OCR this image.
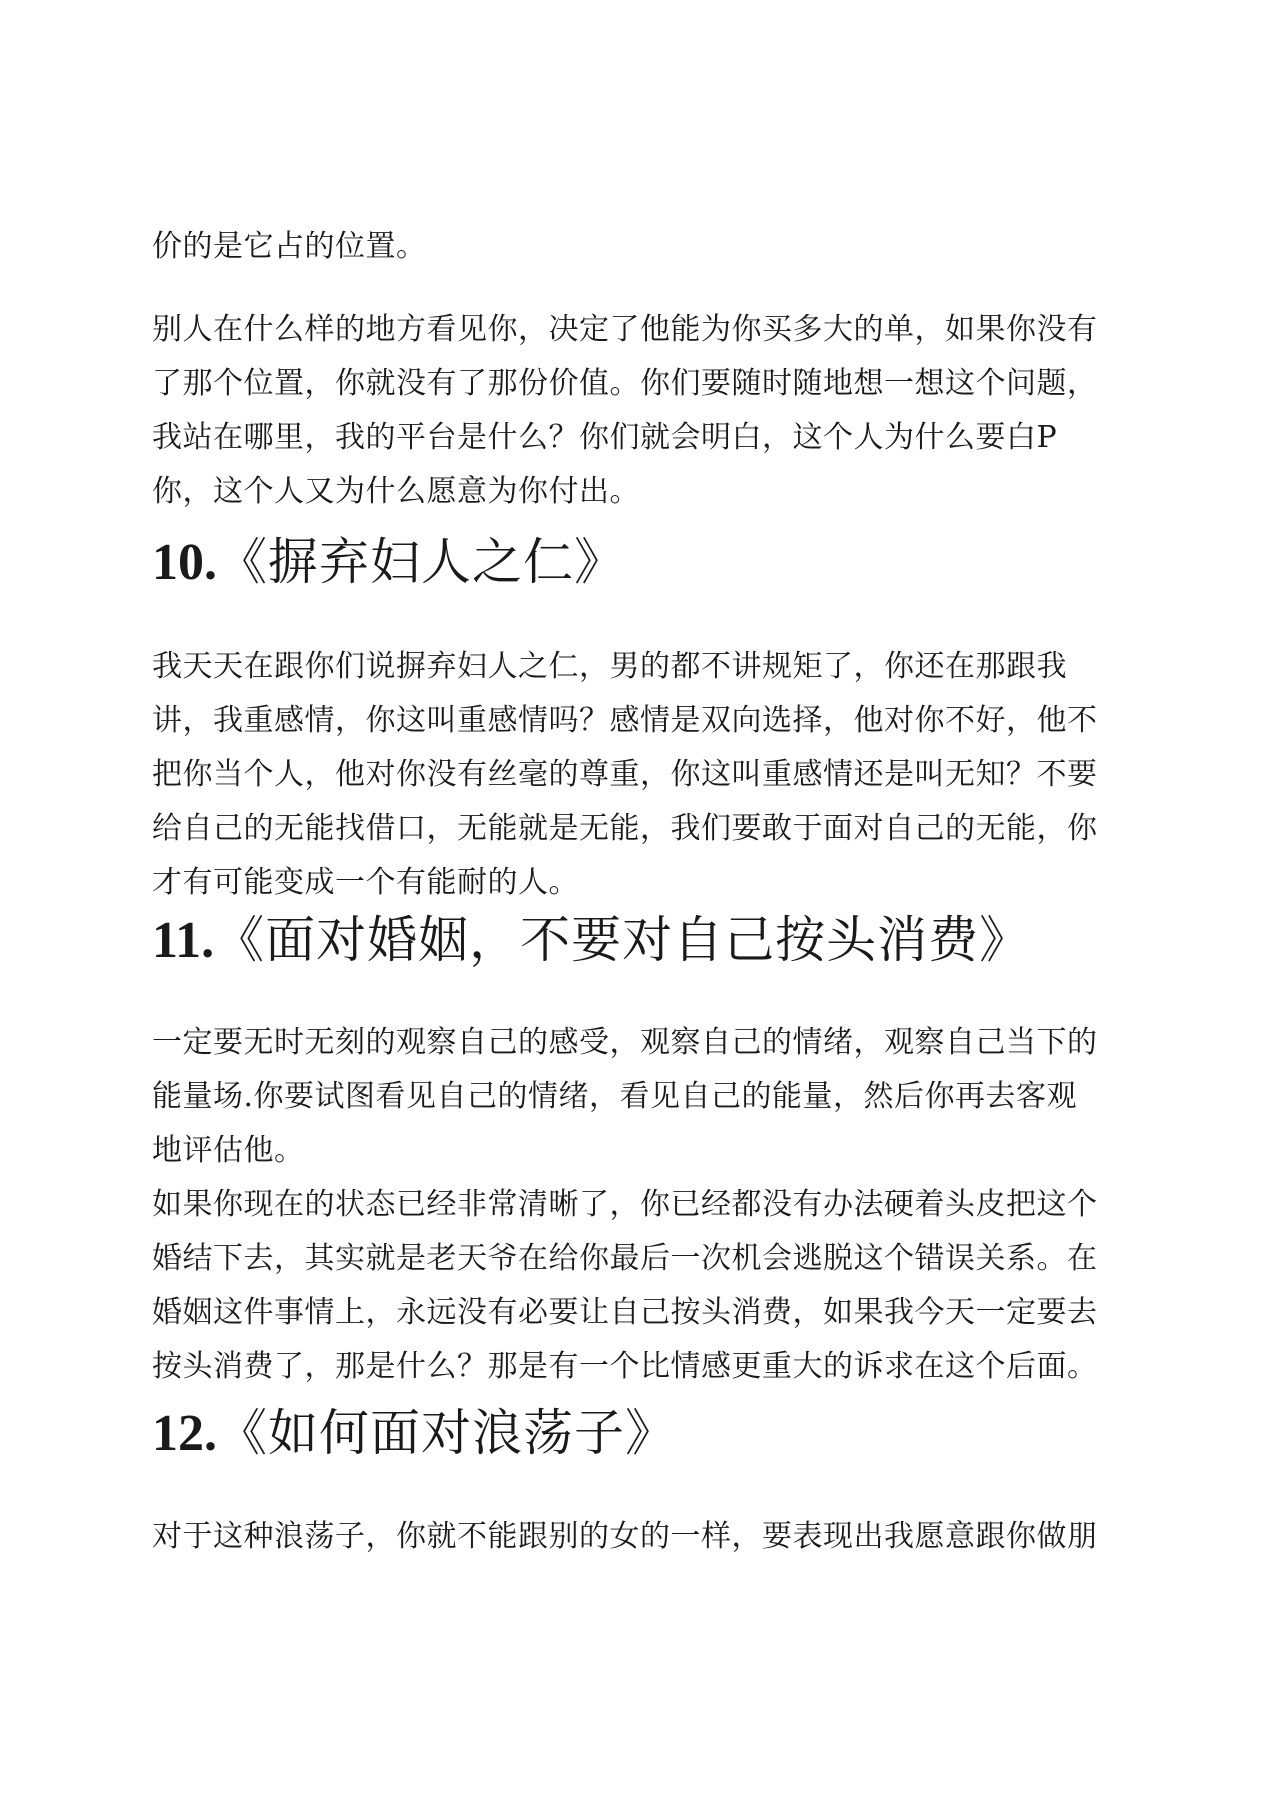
价的是它占的位置。

别人在什么样的地方看见你，决定了他能为你买多大的单，如果你没有
了那个位置，你就没有了那份价值。你们要随时随地想一想这个问题，
我站在哪里，我的平台是什么？你们就会明白，这个人为什么要白P
你，这个人又为什么愿意为你付出。

10.《摒弃妇人之仁》

我天天在跟你们说摒弃妇人之仁，男的都不讲规矩了，你还在那跟我
讲，我重感情，你这叫重感情吗？感情是双向选择，他对你不好，他不
把你当个人，他对你没有丝毫的尊重，你这叫重感情还是叫无知？不要
给自己的无能找借口，无能就是无能，我们要敢于面对自己的无能，你
才有可能变成一个有能耐的人。

11.《面对婚姻，不要对自己按头消费》

一定要无时无刻的观察自己的感受，观察自己的情绪，观察自己当下的
能量场.你要试图看见自己的情绪，看见自己的能量，然后你再去客观
地评估他。

如果你现在的状态已经非常清晰了，你已经都没有办法硬着头皮把这个
婚结下去，其实就是老天爷在给你最后一次机会逃脱这个错误关系。在
婚姻这件事情上，永远没有必要让自己按头消费，如果我今天一定要去
按头消费了，那是什么？那是有一个比情感更重大的诉求在这个后面。

12.《如何面对浪荡子》

对于这种浪荡子，你就不能跟别的女的一样，要表现出我愿意跟你做朋
